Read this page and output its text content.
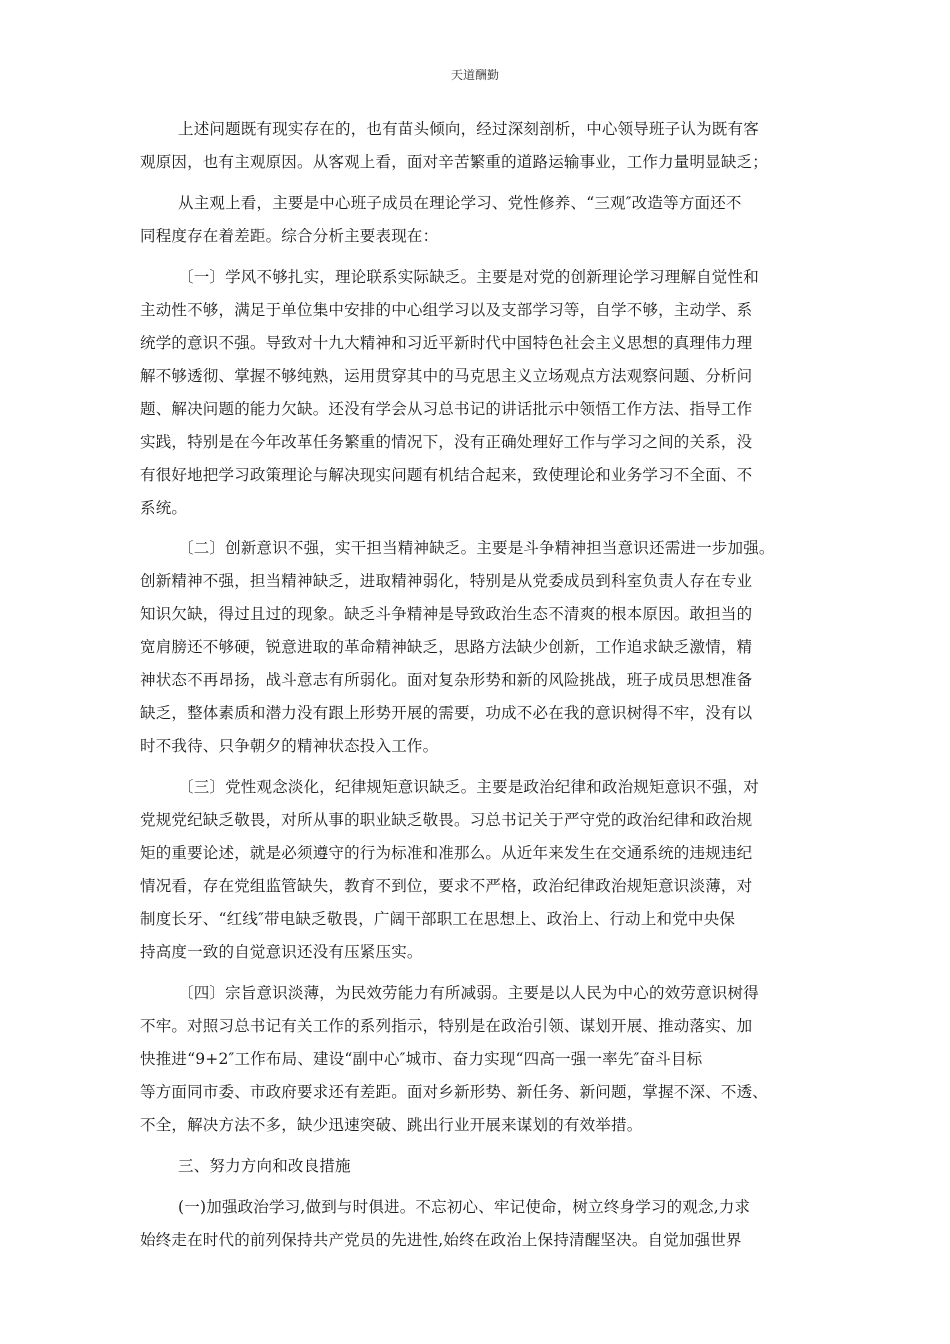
天道酬勤
上述问题既有现实存在的，也有苗头倾向，经过深刻剖析，中心领导班子认为既有客
观原因，也有主观原因。从客观上看，面对辛苦繁重的道路运输事业，工作力量明显缺乏；
从主观上看，主要是中心班子成员在理论学习、党性修养、“三观″改造等方面还不
同程度存在着差距。综合分析主要表现在：
〔一〕学风不够扎实，理论联系实际缺乏。主要是对党的创新理论学习理解自觉性和
主动性不够，满足于单位集中安排的中心组学习以及支部学习等，自学不够，主动学、系
统学的意识不强。导致对十九大精神和习近平新时代中国特色社会主义思想的真理伟力理
解不够透彻、掌握不够纯熟，运用贯穿其中的马克思主义立场观点方法观察问题、分析问
题、解决问题的能力欠缺。还没有学会从习总书记的讲话批示中领悟工作方法、指导工作
实践，特别是在今年改革任务繁重的情况下，没有正确处理好工作与学习之间的关系，没
有很好地把学习政策理论与解决现实问题有机结合起来，致使理论和业务学习不全面、不
系统。
〔二〕创新意识不强，实干担当精神缺乏。主要是斗争精神担当意识还需进一步加强。
创新精神不强，担当精神缺乏，进取精神弱化，特别是从党委成员到科室负责人存在专业
知识欠缺，得过且过的现象。缺乏斗争精神是导致政治生态不清爽的根本原因。敢担当的
宽肩膀还不够硬，锐意进取的革命精神缺乏，思路方法缺少创新，工作追求缺乏激情，精
神状态不再昂扬，战斗意志有所弱化。面对复杂形势和新的风险挑战，班子成员思想准备
缺乏，整体素质和潜力没有跟上形势开展的需要，功成不必在我的意识树得不牢，没有以
时不我待、只争朝夕的精神状态投入工作。
〔三〕党性观念淡化，纪律规矩意识缺乏。主要是政治纪律和政治规矩意识不强，对
党规党纪缺乏敬畏，对所从事的职业缺乏敬畏。习总书记关于严守党的政治纪律和政治规
矩的重要论述，就是必须遵守的行为标准和准那么。从近年来发生在交通系统的违规违纪
情况看，存在党组监管缺失，教育不到位，要求不严格，政治纪律政治规矩意识淡薄，对
制度长牙、“红线″带电缺乏敬畏，广阔干部职工在思想上、政治上、行动上和党中央保
持高度一致的自觉意识还没有压紧压实。
〔四〕宗旨意识淡薄，为民效劳能力有所减弱。主要是以人民为中心的效劳意识树得
不牢。对照习总书记有关工作的系列指示，特别是在政治引领、谋划开展、推动落实、加
快推进“9+2″工作布局、建设“副中心″城市、奋力实现“四高一强一率先″奋斗目标
等方面同市委、市政府要求还有差距。面对乡新形势、新任务、新问题，掌握不深、不透、
不全，解决方法不多，缺少迅速突破、跳出行业开展来谋划的有效举措。
三、努力方向和改良措施
(一)加强政治学习,做到与时俱进。不忘初心、牢记使命，树立终身学习的观念,力求
始终走在时代的前列保持共产党员的先进性,始终在政治上保持清醒坚决。自觉加强世界
